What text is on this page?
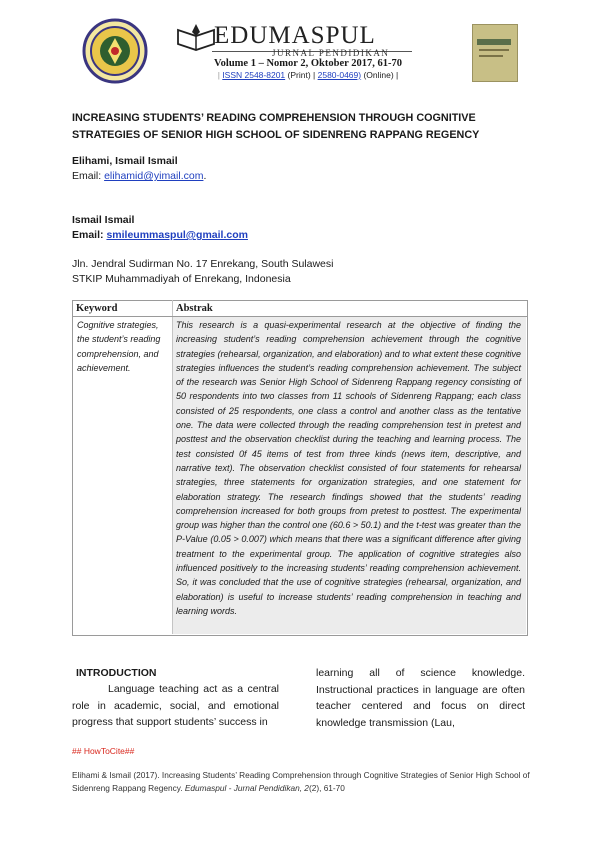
EDUMASPUL
JURNAL PENDIDIKAN
Volume 1 – Nomor 2, Oktober 2017, 61-70
| ISSN 2548-8201 (Print) | 2580-0469) (Online) |
INCREASING STUDENTS’ READING COMPREHENSION THROUGH COGNITIVE STRATEGIES OF SENIOR HIGH SCHOOL OF SIDENRENG RAPPANG REGENCY
Elihami, Ismail Ismail
Email: elihamid@yimail.com.
Ismail Ismail
Email: smileummaspul@gmail.com
Jln. Jendral Sudirman No. 17 Enrekang, South Sulawesi
STKIP Muhammadiyah of Enrekang, Indonesia
Keyword	Abstrak
Cognitive strategies, the student’s reading comprehension, and achievement.
This research is a quasi-experimental research at the objective of finding the increasing student’s reading comprehension achievement through the cognitive strategies (rehearsal, organization, and elaboration) and to what extent these cognitive strategies influences the student’s reading comprehension achievement. The subject of the research was Senior High School of Sidenreng Rappang regency consisting of 50 respondents into two classes from 11 schools of Sidenreng Rappang; each class consisted of 25 respondents, one class a control and another class as the tentative one. The data were collected through the reading comprehension test in pretest and posttest and the observation checklist during the teaching and learning process. The test consisted 0f 45 items of test from three kinds (news item, descriptive, and narrative text). The observation checklist consisted of four statements for rehearsal strategies, three statements for organization strategies, and one statement for elaboration strategy. The research findings showed that the students’ reading comprehension increased for both groups from pretest to posttest. The experimental group was higher than the control one (60.6 > 50.1) and the t-test was greater than the P-Value (0.05 > 0.007) which means that there was a significant difference after giving treatment to the experimental group. The application of cognitive strategies also influenced positively to the increasing students’ reading comprehension achievement. So, it was concluded that the use of cognitive strategies (rehearsal, organization, and elaboration) is useful to increase students’ reading comprehension in teaching and learning words.
INTRODUCTION
Language teaching act as a central role in academic, social, and emotional progress that support students’ success in
learning all of science knowledge. Instructional practices in language are often teacher centered and focus on direct knowledge transmission (Lau,
## HowToCite##
Elihami & Ismail (2017). Increasing Students’ Reading Comprehension through Cognitive Strategies of Senior High School of Sidenreng Rappang Regency. Edumaspul - Jurnal Pendidikan, 2(2), 61-70
